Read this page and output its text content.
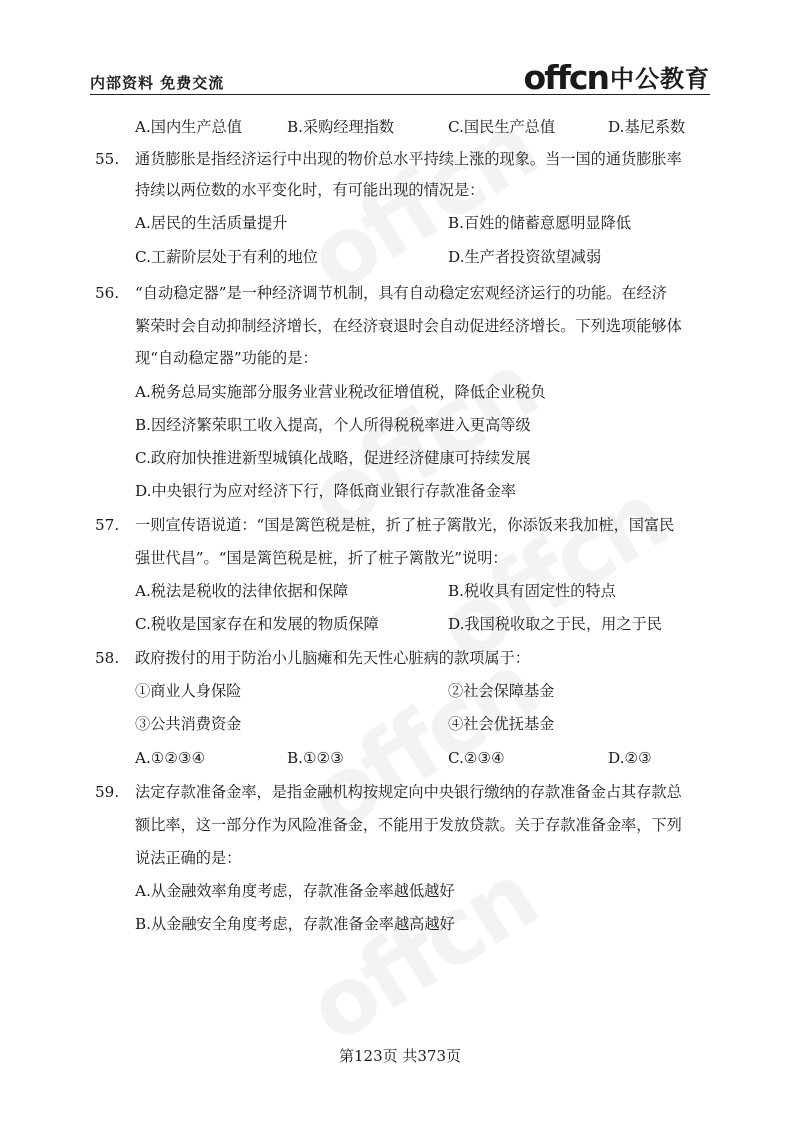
内部资料 免费交流	offcn 中公教育
A.国内生产总值	B.采购经理指数	C.国民生产总值	D.基尼系数
55.	通货膨胀是指经济运行中出现的物价总水平持续上涨的现象。当一国的通货膨胀率
持续以两位数的水平变化时，有可能出现的情况是：
A.居民的生活质量提升	B.百姓的储蓄意愿明显降低
C.工薪阶层处于有利的地位	D.生产者投资欲望减弱
56.	“自动稳定器”是一种经济调节机制，具有自动稳定宏观经济运行的功能。在经济
繁荣时会自动抑制经济增长，在经济衰退时会自动促进经济增长。下列选项能够体
现“自动稳定器”功能的是：
A.税务总局实施部分服务业营业税改征增值税，降低企业税负
B.因经济繁荣职工收入提高，个人所得税税率进入更高等级
C.政府加快推进新型城镇化战略，促进经济健康可持续发展
D.中央银行为应对经济下行，降低商业银行存款准备金率
57.	一则宣传语说道：“国是篱笆税是桩，折了桩子篱散光，你添饭来我加桩，国富民
强世代昌”。“国是篱笆税是桩，折了桩子篱散光”说明：
A.税法是税收的法律依据和保障	B.税收具有固定性的特点
C.税收是国家存在和发展的物质保障	D.我国税收取之于民，用之于民
58.	政府拨付的用于防治小儿脑瘫和先天性心脏病的款项属于：
①商业人身保险	②社会保障基金
③公共消费资金	④社会优抚基金
A.①②③④	B.①②③	C.②③④	D.②③
59.	法定存款准备金率，是指金融机构按规定向中央银行缴纳的存款准备金占其存款总
额比率，这一部分作为风险准备金，不能用于发放贷款。关于存款准备金率，下列
说法正确的是：
A.从金融效率角度考虑，存款准备金率越低越好
B.从金融安全角度考虑，存款准备金率越高越好
第123页 共373页
